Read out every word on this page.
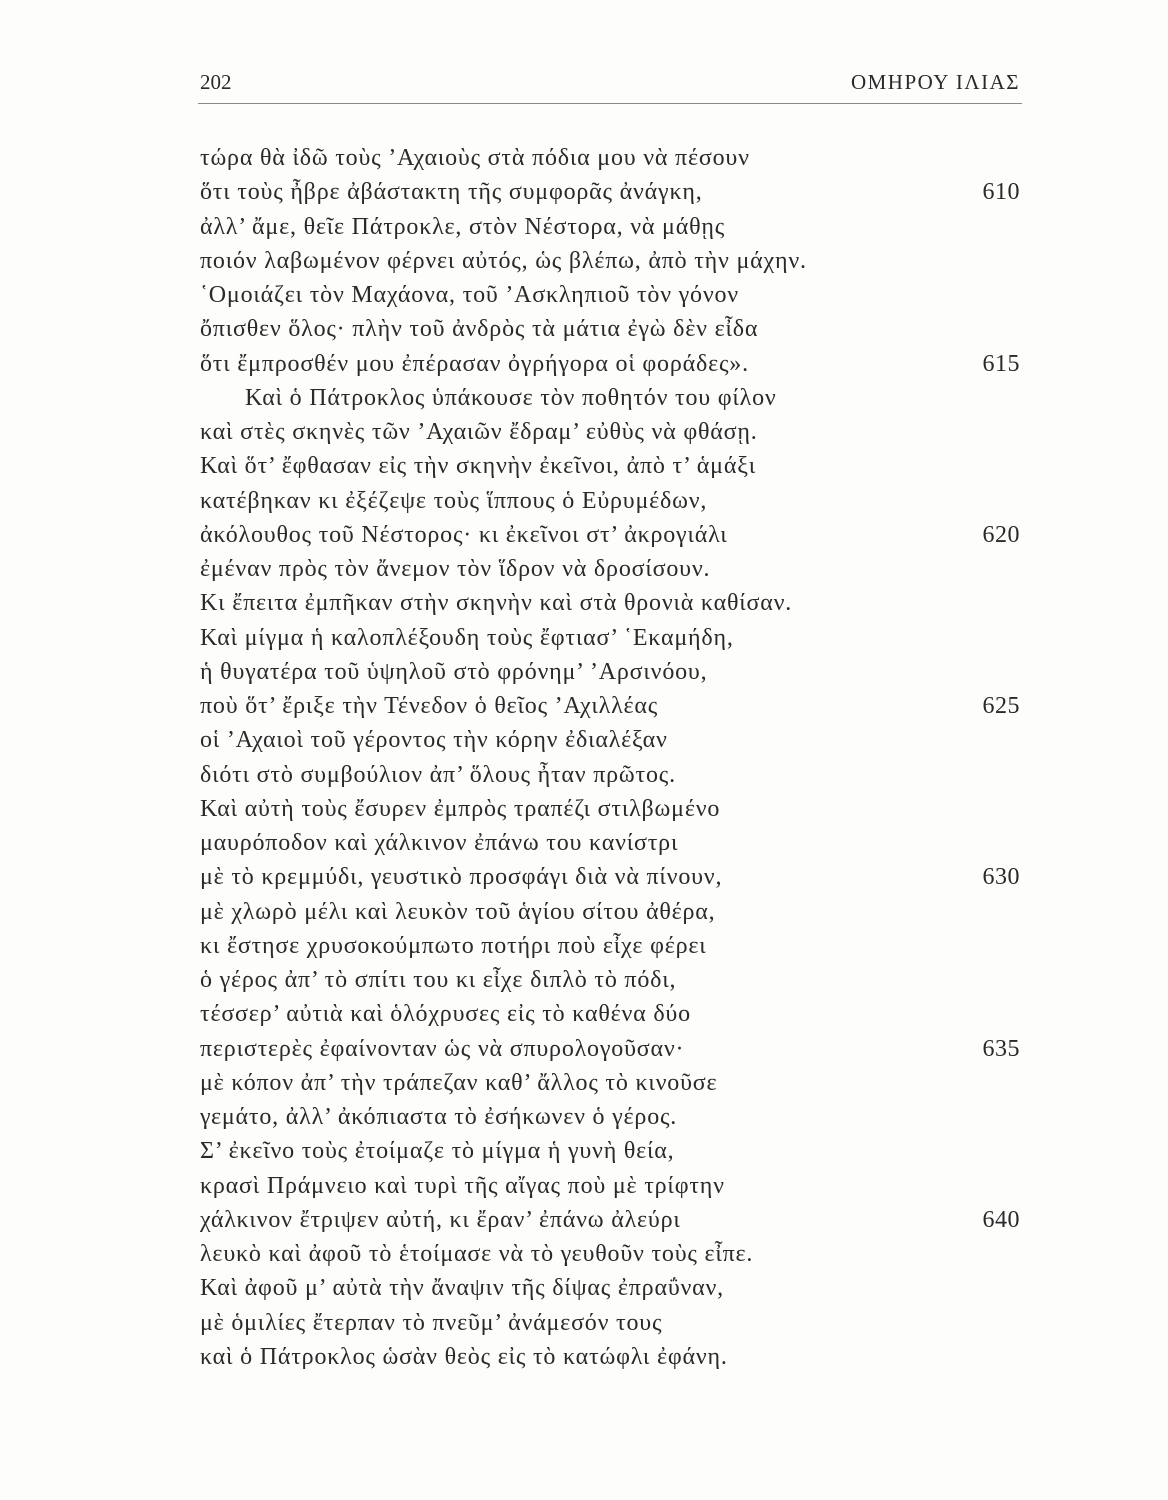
202	ΟΜΗΡΟΥ ΙΛΙΑΣ
τώρα θὰ ἰδῶ τοὺς ’Αχαιοὺς στὰ πόδια μου νὰ πέσουν
ὅτι τοὺς ἦβρε ἀβάστακτη τῆς συμφορᾶς ἀνάγκη,	610
ἀλλ’ ἄμε, θεῖε Πάτροκλε, στὸν Νέστορα, νὰ μάθῃς
ποιόν λαβωμένον φέρνει αὐτός, ὡς βλέπω, ἀπὸ τὴν μάχην.
῾Ομοιάζει τὸν Μαχάονα, τοῦ ’Ασκληπιοῦ τὸν γόνον
ὄπισθεν ὅλος· πλὴν τοῦ ἀνδρὸς τὰ μάτια ἐγὼ δὲν εἶδα
ὅτι ἔμπροσθέν μου ἐπέρασαν ὀγρήγορα οἱ φοράδες».	615
Καὶ ὁ Πάτροκλος ὑπάκουσε τὸν ποθητόν του φίλον
καὶ στὲς σκηνὲς τῶν ’Αχαιῶν ἔδραμ’ εὐθὺς νὰ φθάσῃ.
Καὶ ὅτ’ ἔφθασαν εἰς τὴν σκηνὴν ἐκεῖνοι, ἀπὸ τ’ ἁμάξι
κατέβηκαν κι ἐξέζεψε τοὺς ἵππους ὁ Εὐρυμέδων,
ἀκόλουθος τοῦ Νέστορος· κι ἐκεῖνοι στ’ ἀκρογιάλι	620
ἐμέναν πρὸς τὸν ἄνεμον τὸν ἵδρον νὰ δροσίσουν.
Κι ἔπειτα ἐμπῆκαν στὴν σκηνὴν καὶ στὰ θρονιὰ καθίσαν.
Καὶ μίγμα ἡ καλοπλέξουδη τοὺς ἔφτιασ’ ῾Εκαμήδη,
ἡ θυγατέρα τοῦ ὑψηλοῦ στὸ φρόνημ’ ’Αρσινόου,
ποὺ ὅτ’ ἔριξε τὴν Τένεδον ὁ θεῖος ’Αχιλλέας	625
οἱ ’Αχαιοὶ τοῦ γέροντος τὴν κόρην ἐδιαλέξαν
διότι στὸ συμβούλιον ἀπ’ ὅλους ἦταν πρῶτος.
Καὶ αὐτὴ τοὺς ἔσυρεν ἐμπρὸς τραπέζι στιλβωμένο
μαυρόποδον καὶ χάλκινον ἐπάνω του κανίστρι
μὲ τὸ κρεμμύδι, γευστικὸ προσφάγι διὰ νὰ πίνουν,	630
μὲ χλωρὸ μέλι καὶ λευκὸν τοῦ ἁγίου σίτου ἀθέρα,
κι ἔστησε χρυσοκούμπωτο ποτήρι ποὺ εἶχε φέρει
ὁ γέρος ἀπ’ τὸ σπίτι του κι εἶχε διπλὸ τὸ πόδι,
τέσσερ’ αὐτιὰ καὶ ὁλόχρυσες εἰς τὸ καθένα δύο
περιστερὲς ἐφαίνονταν ὡς νὰ σπυρολογοῦσαν·	635
μὲ κόπον ἀπ’ τὴν τράπεζαν καθ’ ἄλλος τὸ κινοῦσε
γεμάτο, ἀλλ’ ἀκόπιαστα τὸ ἐσήκωνεν ὁ γέρος.
Σ’ ἐκεῖνο τοὺς ἐτοίμαζε τὸ μίγμα ἡ γυνὴ θεία,
κρασὶ Πράμνειο καὶ τυρὶ τῆς αἴγας ποὺ μὲ τρίφτην
χάλκινον ἔτριψεν αὐτή, κι ἔραν’ ἐπάνω ἀλεύρι	640
λευκὸ καὶ ἀφοῦ τὸ ἑτοίμασε νὰ τὸ γευθοῦν τοὺς εἶπε.
Καὶ ἀφοῦ μ’ αὐτὰ τὴν ἄναψιν τῆς δίψας ἐπραΰναν,
μὲ ὁμιλίες ἔτερπαν τὸ πνεῦμ’ ἀνάμεσόν τους
καὶ ὁ Πάτροκλος ὡσὰν θεὸς εἰς τὸ κατώφλι ἐφάνη.
